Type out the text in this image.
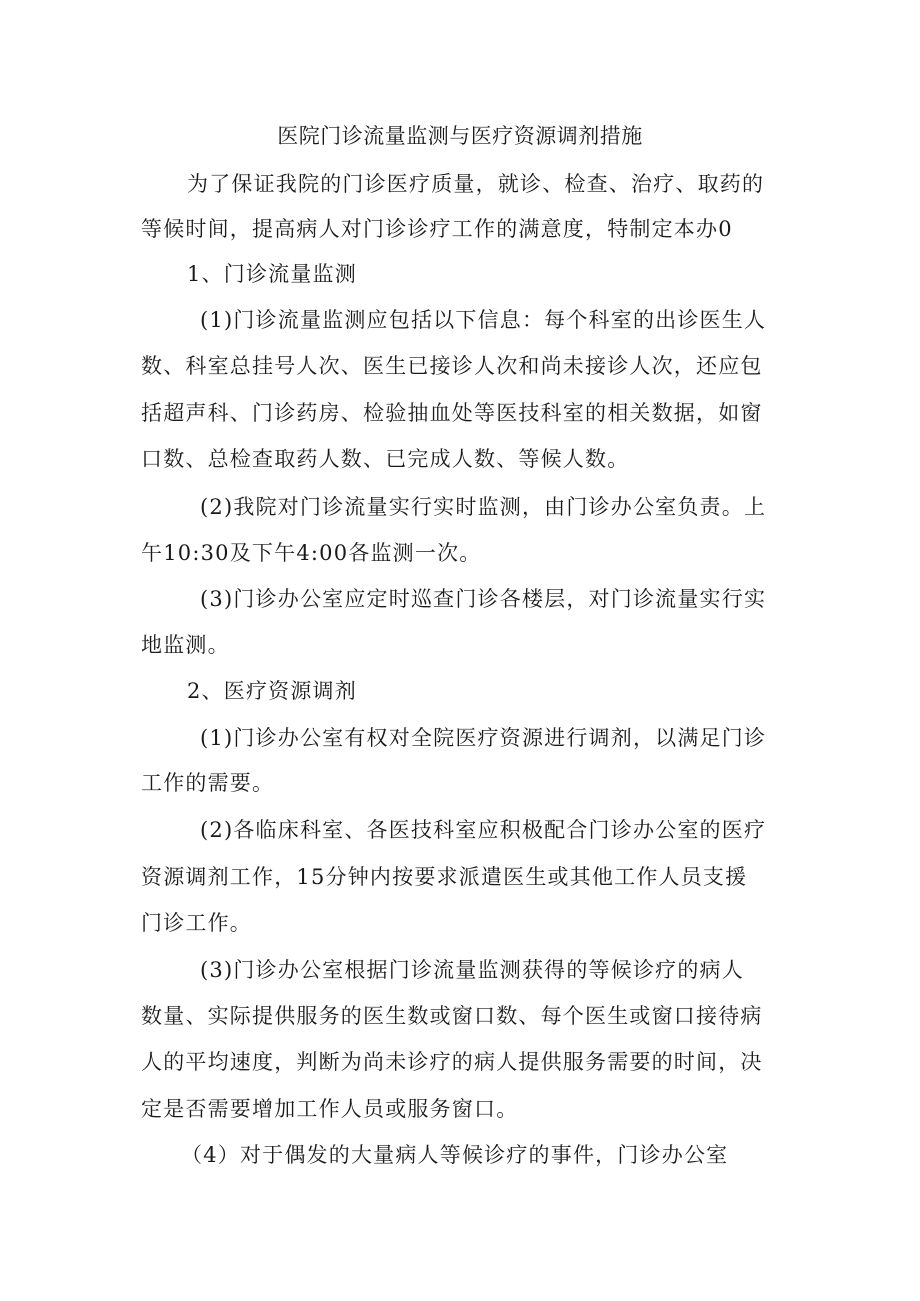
医院门诊流量监测与医疗资源调剂措施
为了保证我院的门诊医疗质量，就诊、检查、治疗、取药的
等候时间，提高病人对门诊诊疗工作的满意度，特制定本办0
1、门诊流量监测
(1)门诊流量监测应包括以下信息：每个科室的出诊医生人
数、科室总挂号人次、医生已接诊人次和尚未接诊人次，还应包
括超声科、门诊药房、检验抽血处等医技科室的相关数据，如窗
口数、总检查取药人数、已完成人数、等候人数。
(2)我院对门诊流量实行实时监测，由门诊办公室负责。上
午10:30及下午4:00各监测一次。
(3)门诊办公室应定时巡查门诊各楼层，对门诊流量实行实
地监测。
2、医疗资源调剂
(1)门诊办公室有权对全院医疗资源进行调剂，以满足门诊
工作的需要。
(2)各临床科室、各医技科室应积极配合门诊办公室的医疗
资源调剂工作，15分钟内按要求派遣医生或其他工作人员支援
门诊工作。
(3)门诊办公室根据门诊流量监测获得的等候诊疗的病人
数量、实际提供服务的医生数或窗口数、每个医生或窗口接待病
人的平均速度，判断为尚未诊疗的病人提供服务需要的时间，决
定是否需要增加工作人员或服务窗口。
（4）对于偶发的大量病人等候诊疗的事件，门诊办公室
